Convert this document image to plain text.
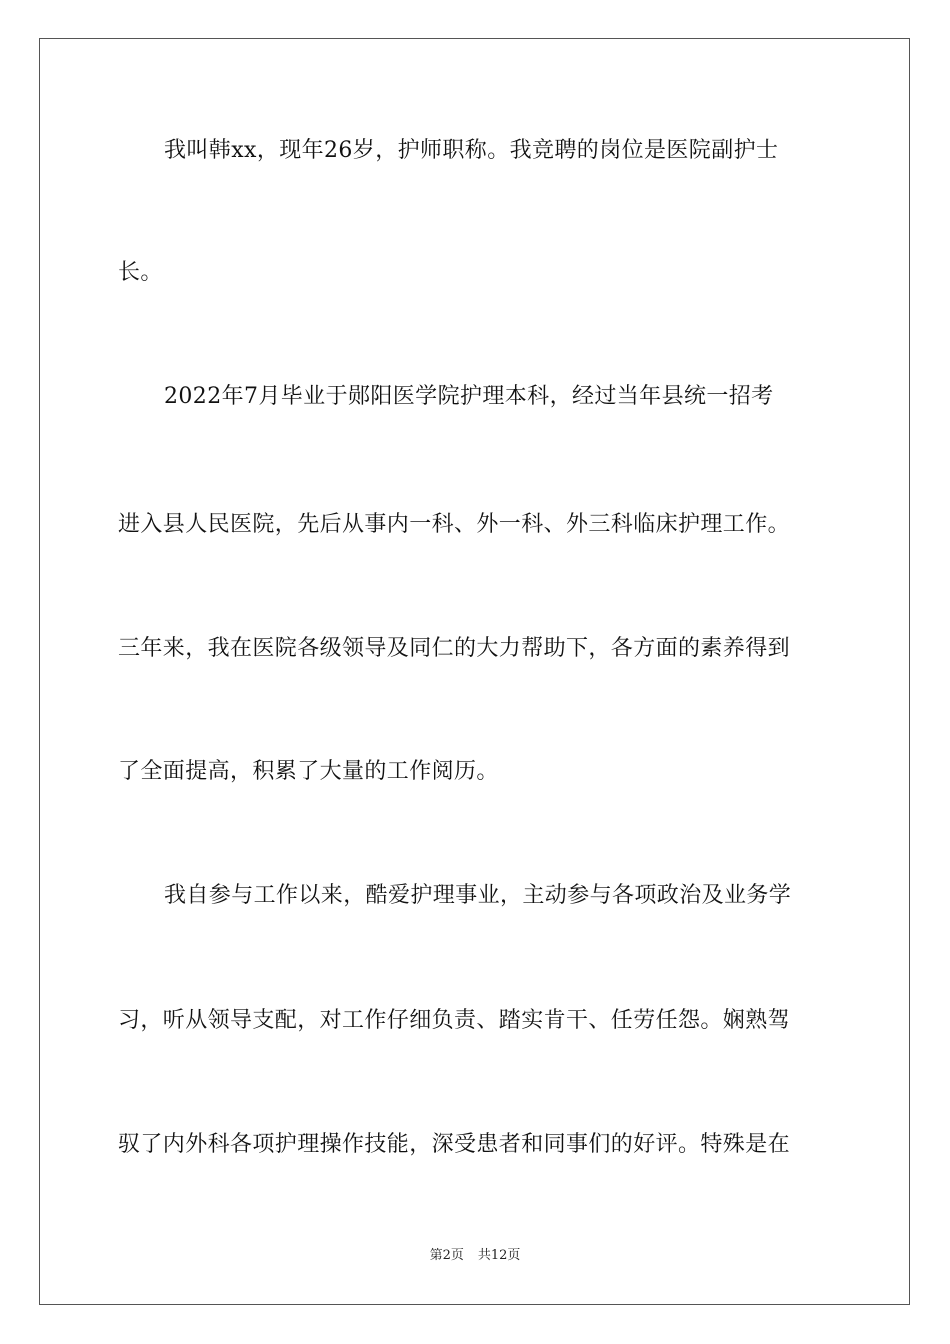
我叫韩xx，现年26岁，护师职称。我竞聘的岗位是医院副护士
长。
2022年7月毕业于郧阳医学院护理本科，经过当年县统一招考
进入县人民医院，先后从事内一科、外一科、外三科临床护理工作。
三年来，我在医院各级领导及同仁的大力帮助下，各方面的素养得到
了全面提高，积累了大量的工作阅历。
我自参与工作以来，酷爱护理事业，主动参与各项政治及业务学
习，听从领导支配，对工作仔细负责、踏实肯干、任劳任怨。娴熟驾
驭了内外科各项护理操作技能，深受患者和同事们的好评。特殊是在
第2页 共12页
